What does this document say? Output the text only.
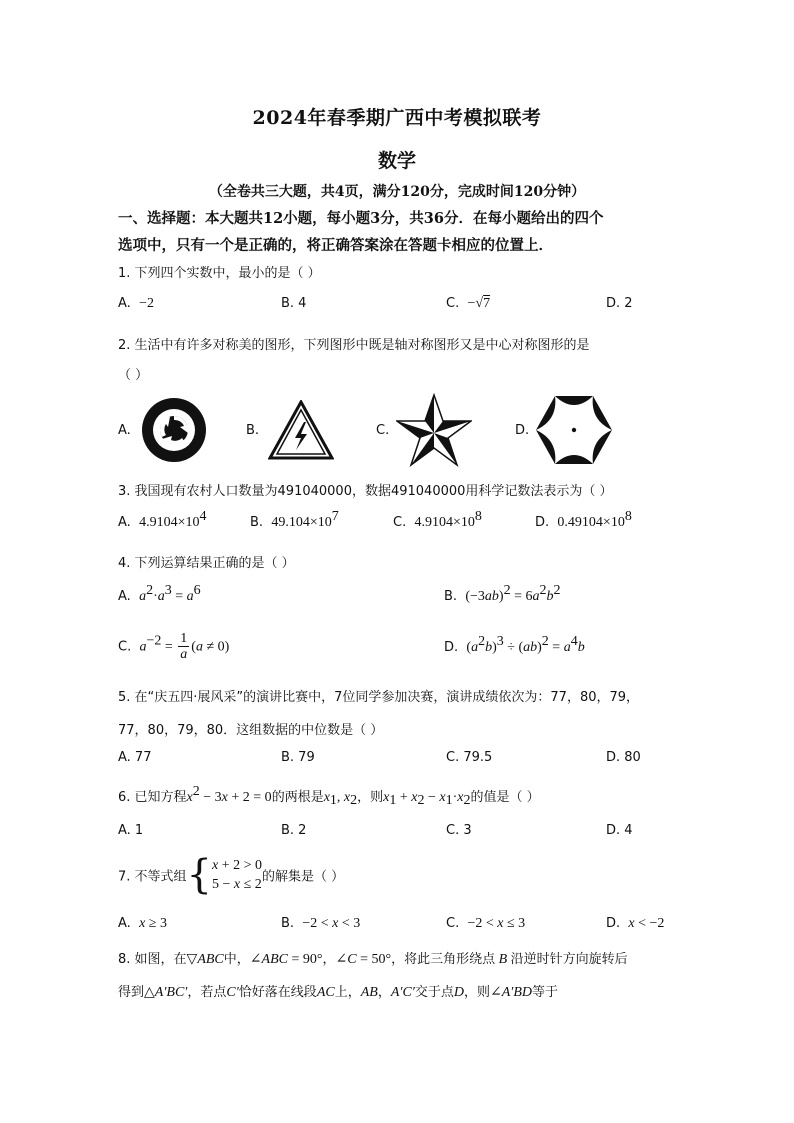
2024年春季期广西中考模拟联考
数学
（全卷共三大题，共4页，满分120分，完成时间120分钟）
一、选择题：本大题共12小题，每小题3分，共36分．在每小题给出的四个
选项中，只有一个是正确的，将正确答案涂在答题卡相应的位置上．
1. 下列四个实数中，最小的是（ ）
A. −2	B. 4	C. −√7	D. 2
2. 生活中有许多对称美的图形，下列图形中既是轴对称图形又是中心对称图形的是
（ ）
A.	B.	C.	D.
3. 我国现有农村人口数量为491040000，数据491040000用科学记数法表示为（ ）
A. $4.9104\times 10^4$	B. $49.104\times 10^7$	C. $4.9104\times 10^8$	D. $0.49104\times 10^8$
4. 下列运算结果正确的是（ ）
A. $a^2\cdot a^3 = a^6$	B. $(-3ab)^2 = 6a^2b^2$
C. $a^{-2} = \frac{1}{a} (a \ne 0)$	D. $(a^2b)^3 \div (ab)^2 = a^4b$
5. 在“庆五四·展风采”的演讲比赛中，7位同学参加决赛，演讲成绩依次为：77，80，79，
77，80，79，80．这组数据的中位数是（ ）
A. 77	B. 79	C. 79.5	D. 80
6. 已知方程$x^2 - 3x + 2 = 0$的两根是$x_1$, $x_2$，则$x_1 + x_2 - x_1\cdot x_2$的值是（ ）
A. 1	B. 2	C. 3	D. 4
7. 不等式组{ x + 2 > 0
5 − x ≤ 2 的解集是（ ）
A. x ≥ 3	B. −2 < x < 3	C. −2 < x ≤ 3	D. x < −2
8. 如图，在▽ABC中，∠ABC = 90°，∠C = 50°，将此三角形绕点 B 沿逆时针方向旋转后
得到△A′BC′，若点C′恰好落在线段AC上，AB，A′C′交于点D，则∠A′BD等于
